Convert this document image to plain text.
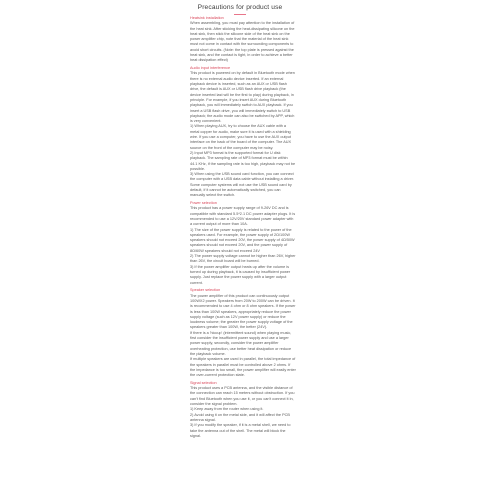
Precautions for product use

Heatsink installation

When assembling, you must pay attention to the installation of the heat sink. After sticking the heat-dissipating silicone on the heat sink, then stick the silicone side of the heat sink on the power amplifier chip, note that the material of the heat sink must not come in contact with the surrounding components to avoid short circuits. (Note: the top plate is pressed against the heat sink, and the contact is tight, in order to achieve a better heat dissipation effect)

Audio input interference

This product is powered on by default in Bluetooth mode when there is no external audio device inserted. If an external playback device is inserted, such as an AUX or USB flash drive, the default is AUX or USB flash drive playback (the device inserted last will be the first to play) during playback, in principle. For example, if you insert AUX during Bluetooth playback, you will immediately switch to AUX playback. If you insert a USB flash drive, you will immediately switch to USB playback; the audio mode can also be switched by APP, which is very convenient.

1) When playing AUX, try to choose the AUX cable with a metal copper for audio, make sure it is used with a shielding wire. If you use a computer, you have to use the AUX output interface on the back of the board of the computer. The AUX source on the front of the computer may be noisy.

2) Input MP3 format is the supported format for U disk playback. The sampling rate of MP3 format must be within 44.1 KHz, if the sampling rate is too high, playback may not be possible.

3) When using the USB sound card function, you can connect the computer with a USB data cable without installing a driver. Some computer systems will not use the USB sound card by default, if it cannot be automatically switched, you can manually select the switch.

Power selection

This product has a power supply range of 9-26V DC and is compatible with standard 5.5*2.1 DC power adapter plugs. It is recommended to use a 12V/20V standard power adapter with a current output of more than 10A.

1) The size of the power supply is related to the power of the speakers used. For example, the power supply of 2Ω/100W speakers should not exceed 20V, the power supply of 4Ω/50W speakers should not exceed 20V, and the power supply of 8Ω/60W speakers should not exceed 24V

2) The power supply voltage cannot be higher than 26V, higher than 26V, the circuit board will be burned.

3) If the power amplifier output heats up after the volume is turned up during playback, it is caused by insufficient power supply. Just replace the power supply with a larger output current.

Speaker selection

The power amplifier of this product can continuously output 100WX2 power. Speakers from 20W to 200W can be driven. It is recommended to use 4 ohm or 8 ohm speakers. If the power is less than 100W speakers, appropriately reduce the power supply voltage (such as 12V power supply) or reduce the loudness volume; the greater the power supply voltage of the speakers greater than 100W, the better (24V).

If there is a 'hiccup' (intermittent sound) when playing music, first consider the insufficient power supply and use a larger power supply, secondly, consider the power amplifier overheating protection, use better heat dissipation or reduce the playback volume.

If multiple speakers are used in parallel, the total impedance of the speakers in parallel must be controlled above 2 ohms. If the impedance is too small, the power amplifier will easily enter the over-current protection state.

Signal selection

This product uses a PCB antenna, and the visible distance of the connection can reach 15 meters without obstruction. If you can't find Bluetooth when you use it, or you can't connect it in, consider the signal problem.

1) Keep away from the router when using it.

2) Avoid using it on the metal side, and it will affect the PCB antenna signal.

3) If you modify the speaker, if it is a metal shell, we need to take the antenna out of the shell. The metal will block the signal.
